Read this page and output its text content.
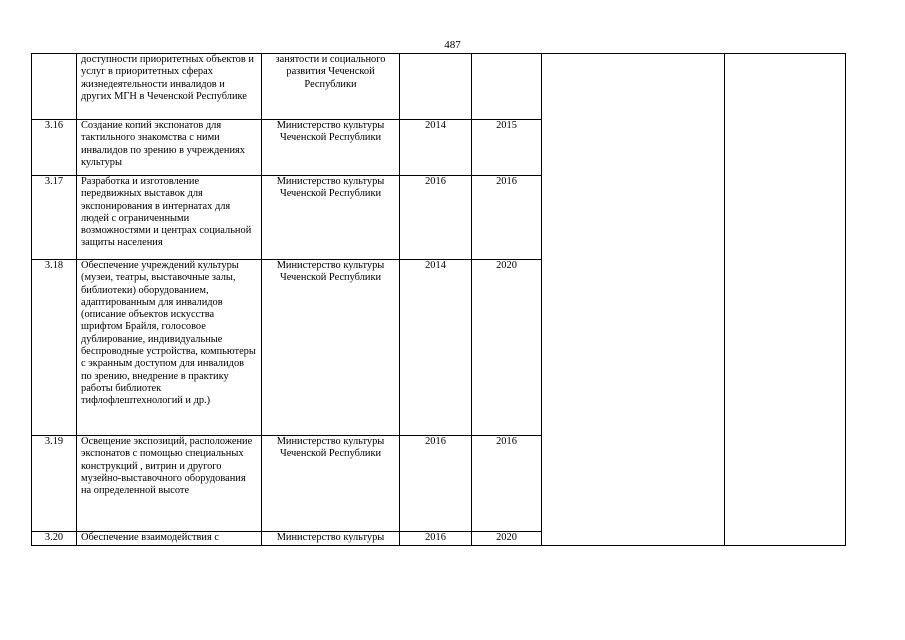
487
	доступности приоритетных объектов и услуг в приоритетных сферах жизнедеятельности инвалидов и других МГН в Чеченской Республике	занятости и социального развития Чеченской Республики				
3.16	Создание копий экспонатов для тактильного знакомства с ними инвалидов по зрению в учреждениях культуры	Министерство культуры Чеченской Республики	2014	2015		
3.17	Разработка и изготовление передвижных выставок для экспонирования в интернатах для людей с ограниченными возможностями и центрах социальной защиты населения	Министерство культуры Чеченской Республики	2016	2016		
3.18	Обеспечение учреждений культуры (музеи, театры, выставочные залы, библиотеки) оборудованием, адаптированным для инвалидов (описание объектов искусства шрифтом Брайля, голосовое дублирование, индивидуальные беспроводные устройства, компьютеры с экранным доступом для инвалидов по зрению, внедрение в практику работы библиотек тифлофлештехнологий и др.)	Министерство культуры Чеченской Республики	2014	2020		
3.19	Освещение экспозиций, расположение экспонатов с помощью специальных конструкций , витрин и другого музейно-выставочного оборудования на определенной высоте	Министерство культуры Чеченской Республики	2016	2016		
3.20	Обеспечение взаимодействия с	Министерство культуры	2016	2020		
